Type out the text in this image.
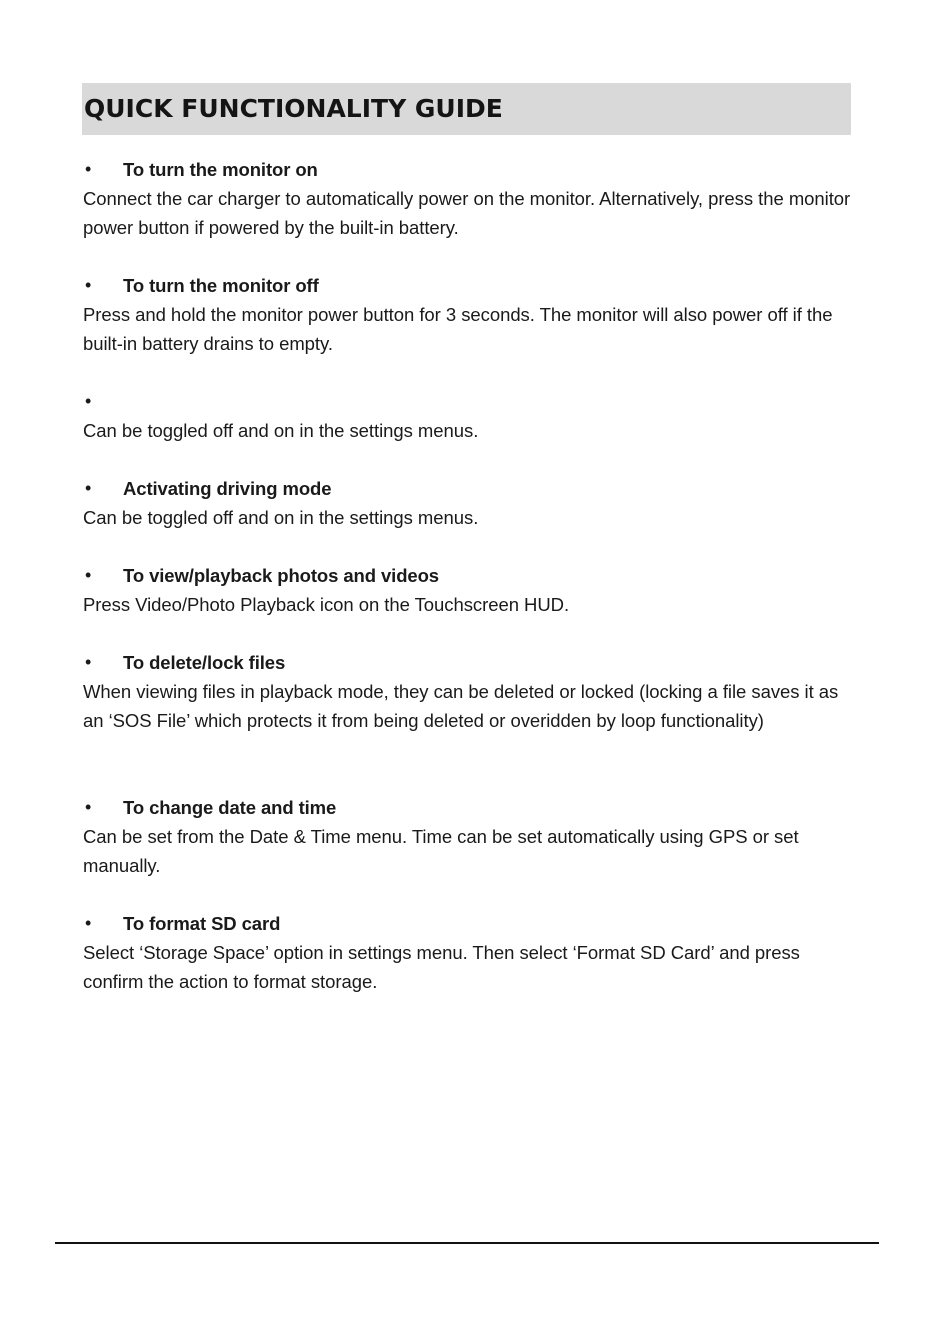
QUICK FUNCTIONALITY GUIDE
• To turn the monitor on

Connect the car charger to automatically power on the monitor. Alternatively, press the monitor power button if powered by the built-in battery.

• To turn the monitor off

Press and hold the monitor power button for 3 seconds. The monitor will also power off if the built-in battery drains to empty.

•

Can be toggled off and on in the settings menus.

• Activating driving mode

Can be toggled off and on in the settings menus.

• To view/playback photos and videos

Press Video/Photo Playback icon on the Touchscreen HUD.

• To delete/lock files

When viewing files in playback mode, they can be deleted or locked (locking a file saves it as an ‘SOS File’ which protects it from being deleted or overidden by loop functionality)

• To change date and time

Can be set from the Date & Time menu. Time can be set automatically using GPS or set manually.

• To format SD card

Select ‘Storage Space’ option in settings menu. Then select ‘Format SD Card’ and press confirm the action to format storage.
